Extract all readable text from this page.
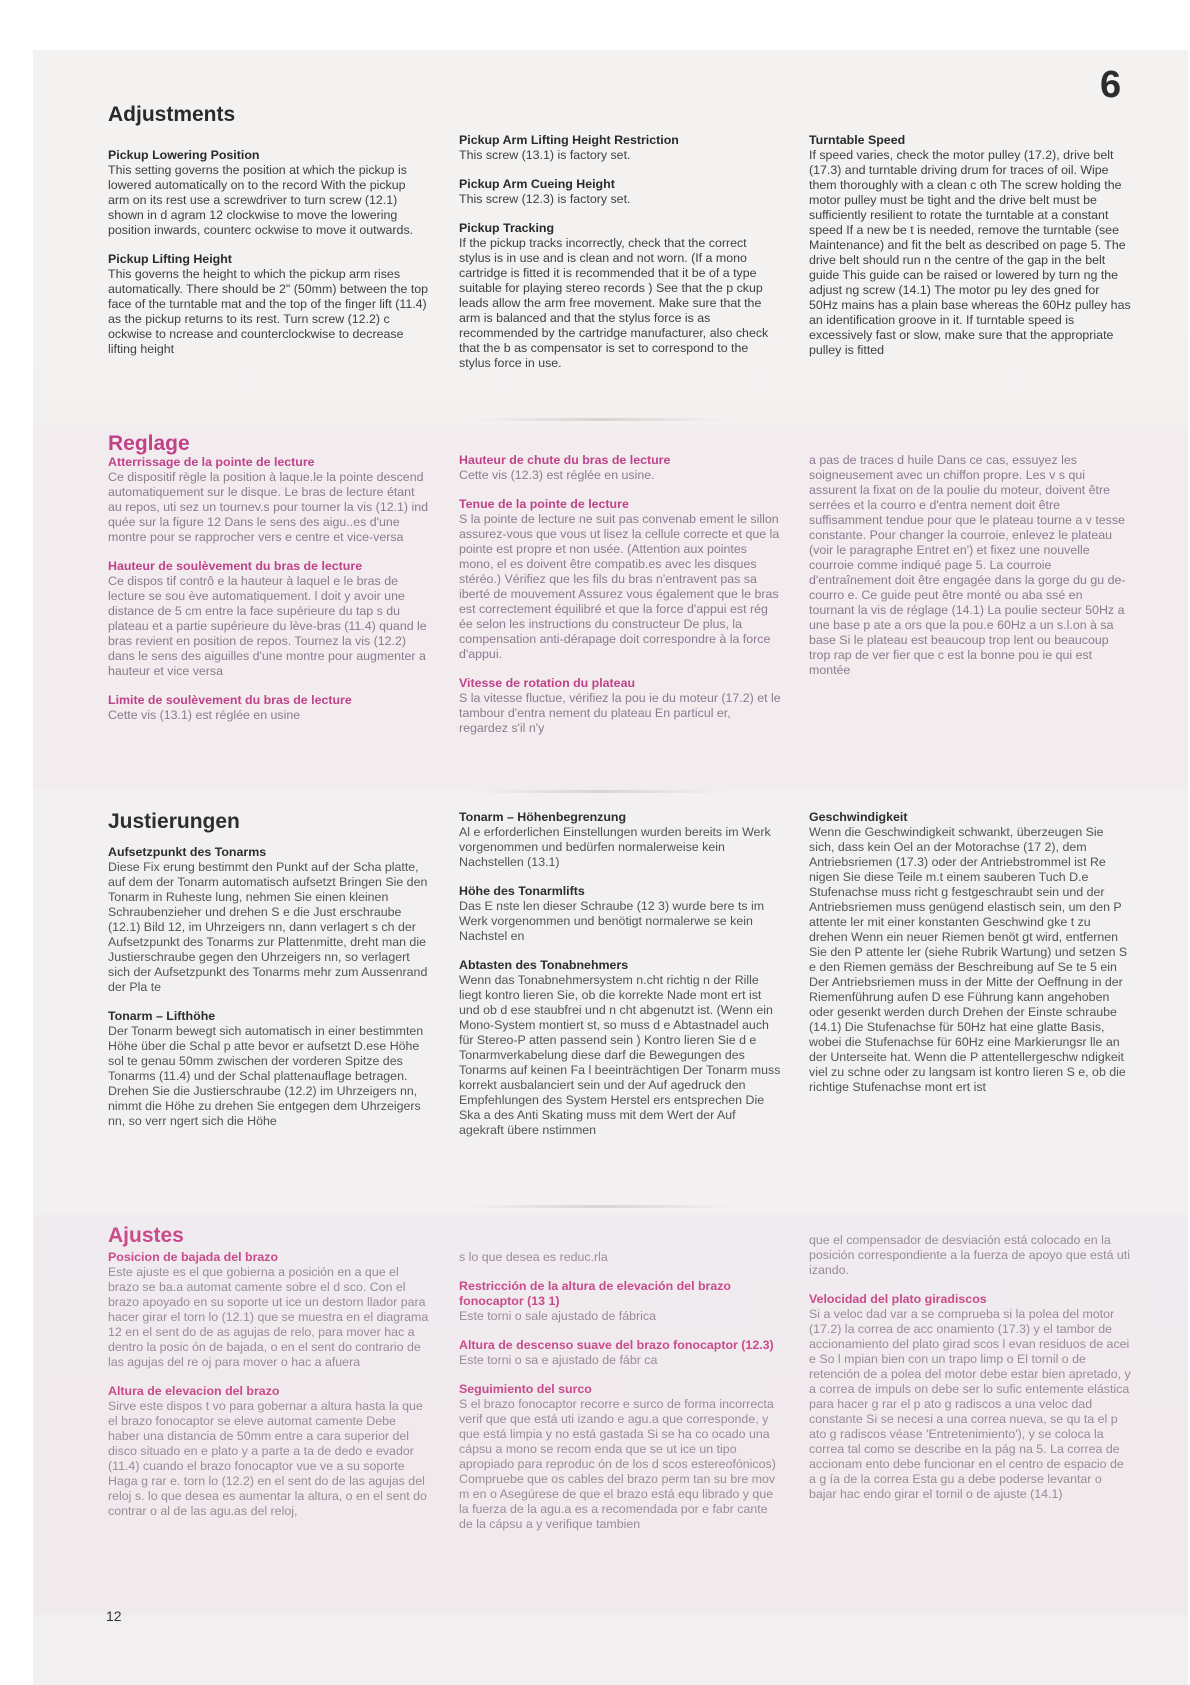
6
Adjustments
Pickup Lowering Position
This setting governs the position at which the pickup is lowered automatically on to the record With the pickup arm on its rest use a screwdriver to turn screw (12.1) shown in d agram 12 clockwise to move the lowering position inwards, counterc ockwise to move it outwards.
Pickup Lifting Height
This governs the height to which the pickup arm rises automatically. There should be 2" (50mm) between the top face of the turntable mat and the top of the finger lift (11.4) as the pickup returns to its rest. Turn screw (12.2) c ockwise to ncrease and counterclockwise to decrease lifting height
Pickup Arm Lifting Height Restriction
This screw (13.1) is factory set.
Pickup Arm Cueing Height
This screw (12.3) is factory set.
Pickup Tracking
If the pickup tracks incorrectly, check that the correct stylus is in use and is clean and not worn. (If a mono cartridge is fitted it is recommended that it be of a type suitable for playing stereo records ) See that the p ckup leads allow the arm free movement. Make sure that the arm is balanced and that the stylus force is as recommended by the cartridge manufacturer, also check that the b as compensator is set to correspond to the stylus force in use.
Turntable Speed
If speed varies, check the motor pulley (17.2), drive belt (17.3) and turntable driving drum for traces of oil. Wipe them thoroughly with a clean c oth The screw holding the motor pulley must be tight and the drive belt must be sufficiently resilient to rotate the turntable at a constant speed If a new be t is needed, remove the turntable (see Maintenance) and fit the belt as described on page 5. The drive belt should run n the centre of the gap in the belt guide This guide can be raised or lowered by turn ng the adjust ng screw (14.1) The motor pu ley des gned for 50Hz mains has a plain base whereas the 60Hz pulley has an identification groove in it. If turntable speed is excessively fast or slow, make sure that the appropriate pulley is fitted
Reglage
Atterrissage de la pointe de lecture
Ce dispositif règle la position à laque.le la pointe descend automatiquement sur le disque. Le bras de lecture étant au repos, uti sez un tournev.s pour tourner la vis (12.1) ind quée sur la figure 12 Dans le sens des aigu..es d'une montre pour se rapprocher vers e centre et vice-versa
Hauteur de soulèvement du bras de lecture
Ce dispos tif contrô e la hauteur à laquel e le bras de lecture se sou ève automatiquement. l doit y avoir une distance de 5 cm entre la face supérieure du tap s du plateau et a partie supérieure du lève-bras (11.4) quand le bras revient en position de repos. Tournez la vis (12.2) dans le sens des aiguilles d'une montre pour augmenter a hauteur et vice versa
Limite de soulèvement du bras de lecture
Cette vis (13.1) est réglée en usine
Hauteur de chute du bras de lecture
Cette vis (12.3) est réglée en usine.
Tenue de la pointe de lecture
S la pointe de lecture ne suit pas convenab ement le sillon assurez-vous que vous ut lisez la cellule correcte et que la pointe est propre et non usée. (Attention aux pointes mono, el es doivent être compatib.es avec les disques stéréo.) Vérifiez que les fils du bras n'entravent pas sa iberté de mouvement Assurez vous également que le bras est correctement équilibré et que la force d'appui est rég ée selon les instructions du constructeur De plus, la compensation anti-dérapage doit correspondre à la force d'appui.
Vitesse de rotation du plateau
S la vitesse fluctue, vérifiez la pou ie du moteur (17.2) et le tambour d'entra nement du plateau En particul er, regardez s'il n'y
a pas de traces d huile Dans ce cas, essuyez les soigneusement avec un chiffon propre. Les v s qui assurent la fixat on de la poulie du moteur, doivent être serrées et la courro e d'entra nement doit être suffisamment tendue pour que le plateau tourne a v tesse constante. Pour changer la courroie, enlevez le plateau (voir le paragraphe Entret en') et fixez une nouvelle courroie comme indiqué page 5. La courroie d'entraînement doit être engagée dans la gorge du gu de-courro e. Ce guide peut être monté ou aba ssé en tournant la vis de réglage (14.1) La poulie secteur 50Hz a une base p ate a ors que la pou.e 60Hz a un s.l.on à sa base Si le plateau est beaucoup trop lent ou beaucoup trop rap de ver fier que c est la bonne pou ie qui est montée
Justierungen
Aufsetzpunkt des Tonarms
Diese Fix erung bestimmt den Punkt auf der Scha platte, auf dem der Tonarm automatisch aufsetzt Bringen Sie den Tonarm in Ruheste lung, nehmen Sie einen kleinen Schraubenzieher und drehen S e die Just erschraube (12.1) Bild 12, im Uhrzeigers nn, dann verlagert s ch der Aufsetzpunkt des Tonarms zur Plattenmitte, dreht man die Justierschraube gegen den Uhrzeigers nn, so verlagert sich der Aufsetzpunkt des Tonarms mehr zum Aussenrand der Pla te
Tonarm – Lifthöhe
Der Tonarm bewegt sich automatisch in einer bestimmten Höhe über die Schal p atte bevor er aufsetzt D.ese Höhe sol te genau 50mm zwischen der vorderen Spitze des Tonarms (11.4) und der Schal plattenauflage betragen. Drehen Sie die Justierschraube (12.2) im Uhrzeigers nn, nimmt die Höhe zu drehen Sie entgegen dem Uhrzeigers nn, so verr ngert sich die Höhe
Tonarm – Höhenbegrenzung
Al e erforderlichen Einstellungen wurden bereits im Werk vorgenommen und bedürfen normalerweise kein Nachstellen (13.1)
Höhe des Tonarmlifts
Das E nste len dieser Schraube (12 3) wurde bere ts im Werk vorgenommen und benötigt normalerwe se kein Nachstel en
Abtasten des Tonabnehmers
Wenn das Tonabnehmersystem n.cht richtig n der Rille liegt kontro lieren Sie, ob die korrekte Nade mont ert ist und ob d ese staubfrei und n cht abgenutzt ist. (Wenn ein Mono-System montiert st, so muss d e Abtastnadel auch für Stereo-P atten passend sein ) Kontro lieren Sie d e Tonarmverkabelung diese darf die Bewegungen des Tonarms auf keinen Fa l beeinträchtigen Der Tonarm muss korrekt ausbalanciert sein und der Auf agedruck den Empfehlungen des System Herstel ers entsprechen Die Ska a des Anti Skating muss mit dem Wert der Auf agekraft übere nstimmen
Geschwindigkeit
Wenn die Geschwindigkeit schwankt, überzeugen Sie sich, dass kein Oel an der Motorachse (17 2), dem Antriebsriemen (17.3) oder der Antriebstrommel ist Re nigen Sie diese Teile m.t einem sauberen Tuch D.e Stufenachse muss richt g festgeschraubt sein und der Antriebsriemen muss genügend elastisch sein, um den P attente ler mit einer konstanten Geschwind gke t zu drehen Wenn ein neuer Riemen benöt gt wird, entfernen Sie den P attente ler (siehe Rubrik Wartung) und setzen S e den Riemen gemäss der Beschreibung auf Se te 5 ein Der Antriebsriemen muss in der Mitte der Oeffnung in der Riemenführung aufen D ese Führung kann angehoben oder gesenkt werden durch Drehen der Einste schraube (14.1) Die Stufenachse für 50Hz hat eine glatte Basis, wobei die Stufenachse für 60Hz eine Markierungsr lle an der Unterseite hat. Wenn die P attentellergeschw ndigkeit viel zu schne oder zu langsam ist kontro lieren S e, ob die richtige Stufenachse mont ert ist
Ajustes
Posicion de bajada del brazo
Este ajuste es el que gobierna a posición en a que el brazo se ba.a automat camente sobre el d sco. Con el brazo apoyado en su soporte ut ice un destorn llador para hacer girar el torn lo (12.1) que se muestra en el diagrama 12 en el sent do de as agujas de relo, para mover hac a dentro la posic ón de bajada, o en el sent do contrario de las agujas del re oj para mover o hac a afuera
Altura de elevacion del brazo
Sirve este dispos t vo para gobernar a altura hasta la que el brazo fonocaptor se eleve automat camente Debe haber una distancia de 50mm entre a cara superior del disco situado en e plato y a parte a ta de dedo e evador (11.4) cuando el brazo fonocaptor vue ve a su soporte Haga g rar e. torn lo (12.2) en el sent do de las agujas del reloj s. lo que desea es aumentar la altura, o en el sent do contrar o al de las agu.as del reloj,
s lo que desea es reduc.rla
Restricción de la altura de elevación del brazo fonocaptor (13 1)
Este torni o sale ajustado de fábrica
Altura de descenso suave del brazo fonocaptor (12.3)
Este torni o sa e ajustado de fábr ca
Seguimiento del surco
S el brazo fonocaptor recorre e surco de forma incorrecta verif que que está uti izando e agu.a que corresponde, y que está limpia y no está gastada Si se ha co ocado una cápsu a mono se recom enda que se ut ice un tipo apropiado para reproduc ón de los d scos estereofónicos) Compruebe que os cables del brazo perm tan su bre mov m en o Asegúrese de que el brazo está equ librado y que la fuerza de la agu.a es a recomendada por e fabr cante de la cápsu a y verifique tambien
que el compensador de desviación está colocado en la posición correspondiente a la fuerza de apoyo que está uti izando.
Velocidad del plato giradiscos
Si a veloc dad var a se comprueba si la polea del motor (17.2) la correa de acc onamiento (17.3) y el tambor de accionamiento del plato girad scos l evan residuos de acei e So l mpian bien con un trapo limp o El tornil o de retención de a polea del motor debe estar bien apretado, y a correa de impuls on debe ser lo sufic entemente elástica para hacer g rar el p ato g radiscos a una veloc dad constante Si se necesi a una correa nueva, se qu ta el p ato g radiscos véase 'Entretenimiento'), y se coloca la correa tal como se describe en la pág na 5. La correa de accionam ento debe funcionar en el centro de espacio de a g ía de la correa Esta gu a debe poderse levantar o bajar hac endo girar el tornil o de ajuste (14.1)
12
